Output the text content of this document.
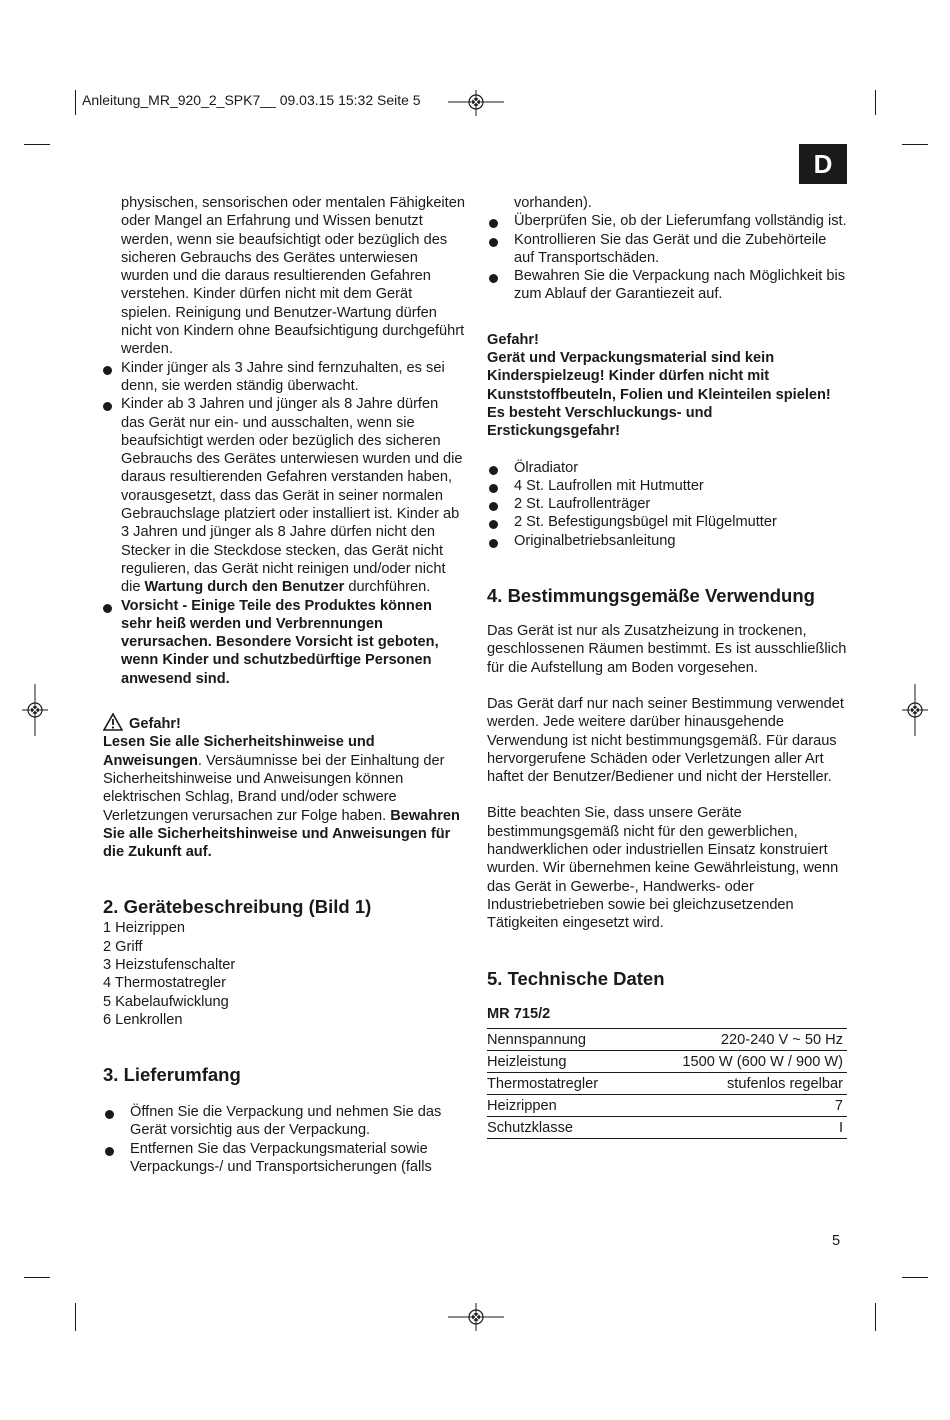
Anleitung_MR_920_2_SPK7__ 09.03.15 15:32 Seite 5
D

physischen, sensorischen oder mentalen Fähigkeiten oder Mangel an Erfahrung und Wissen benutzt werden, wenn sie beaufsichtigt oder bezüglich des sicheren Gebrauchs des Gerätes unterwiesen wurden und die daraus resultierenden Gefahren verstehen. Kinder dürfen nicht mit dem Gerät spielen. Reinigung und Benutzer-Wartung dürfen nicht von Kindern ohne Beaufsichtigung durchgeführt werden.

Kinder jünger als 3 Jahre sind fernzuhalten, es sei denn, sie werden ständig überwacht.
Kinder ab 3 Jahren und jünger als 8 Jahre dürfen das Gerät nur ein- und ausschalten, wenn sie beaufsichtigt werden oder bezüglich des sicheren Gebrauchs des Gerätes unterwiesen wurden und die daraus resultierenden Gefahren verstanden haben, vorausgesetzt, dass das Gerät in seiner normalen Gebrauchslage platziert oder installiert ist. Kinder ab 3 Jahren und jünger als 8 Jahre dürfen nicht den Stecker in die Steckdose stecken, das Gerät nicht regulieren, das Gerät nicht reinigen und/oder nicht die Wartung durch den Benutzer durchführen.
Vorsicht - Einige Teile des Produktes können sehr heiß werden und Verbrennungen verursachen. Besondere Vorsicht ist geboten, wenn Kinder und schutzbedürftige Personen anwesend sind.
Gefahr!

Lesen Sie alle Sicherheitshinweise und Anweisungen. Versäumnisse bei der Einhaltung der Sicherheitshinweise und Anweisungen können elektrischen Schlag, Brand und/oder schwere Verletzungen verursachen zur Folge haben. Bewahren Sie alle Sicherheitshinweise und Anweisungen für die Zukunft auf.

2. Gerätebeschreibung (Bild 1)
1 Heizrippen
2 Griff
3 Heizstufenschalter
4 Thermostatregler
5 Kabelaufwicklung
6 Lenkrollen
3. Lieferumfang
Öffnen Sie die Verpackung und nehmen Sie das Gerät vorsichtig aus der Verpackung.
Entfernen Sie das Verpackungsmaterial sowie Verpackungs-/ und Transportsicherungen (falls

vorhanden).

Überprüfen Sie, ob der Lieferumfang vollständig ist.
Kontrollieren Sie das Gerät und die Zubehörteile auf Transportschäden.
Bewahren Sie die Verpackung nach Möglichkeit bis zum Ablauf der Garantiezeit auf.
Gefahr!

Gerät und Verpackungsmaterial sind kein Kinderspielzeug! Kinder dürfen nicht mit Kunststoffbeuteln, Folien und Kleinteilen spielen! Es besteht Verschluckungs- und Erstickungsgefahr!

Ölradiator
4 St. Laufrollen mit Hutmutter
2 St. Laufrollenträger
2 St. Befestigungsbügel mit Flügelmutter
Originalbetriebsanleitung
4. Bestimmungsgemäße Verwendung

Das Gerät ist nur als Zusatzheizung in trockenen, geschlossenen Räumen bestimmt. Es ist ausschließlich für die Aufstellung am Boden vorgesehen.

Das Gerät darf nur nach seiner Bestimmung verwendet werden. Jede weitere darüber hinausgehende Verwendung ist nicht bestimmungsgemäß. Für daraus hervorgerufene Schäden oder Verletzungen aller Art haftet der Benutzer/Bediener und nicht der Hersteller.

Bitte beachten Sie, dass unsere Geräte bestimmungsgemäß nicht für den gewerblichen, handwerklichen oder industriellen Einsatz konstruiert wurden. Wir übernehmen keine Gewährleistung, wenn das Gerät in Gewerbe-, Handwerks- oder Industriebetrieben sowie bei gleichzusetzenden Tätigkeiten eingesetzt wird.

5. Technische Daten
MR 715/2
Nennspannung	220-240 V ~ 50 Hz
Heizleistung	1500 W (600 W / 900 W)
Thermostatregler	stufenlos regelbar
Heizrippen	7
Schutzklasse	I
5
